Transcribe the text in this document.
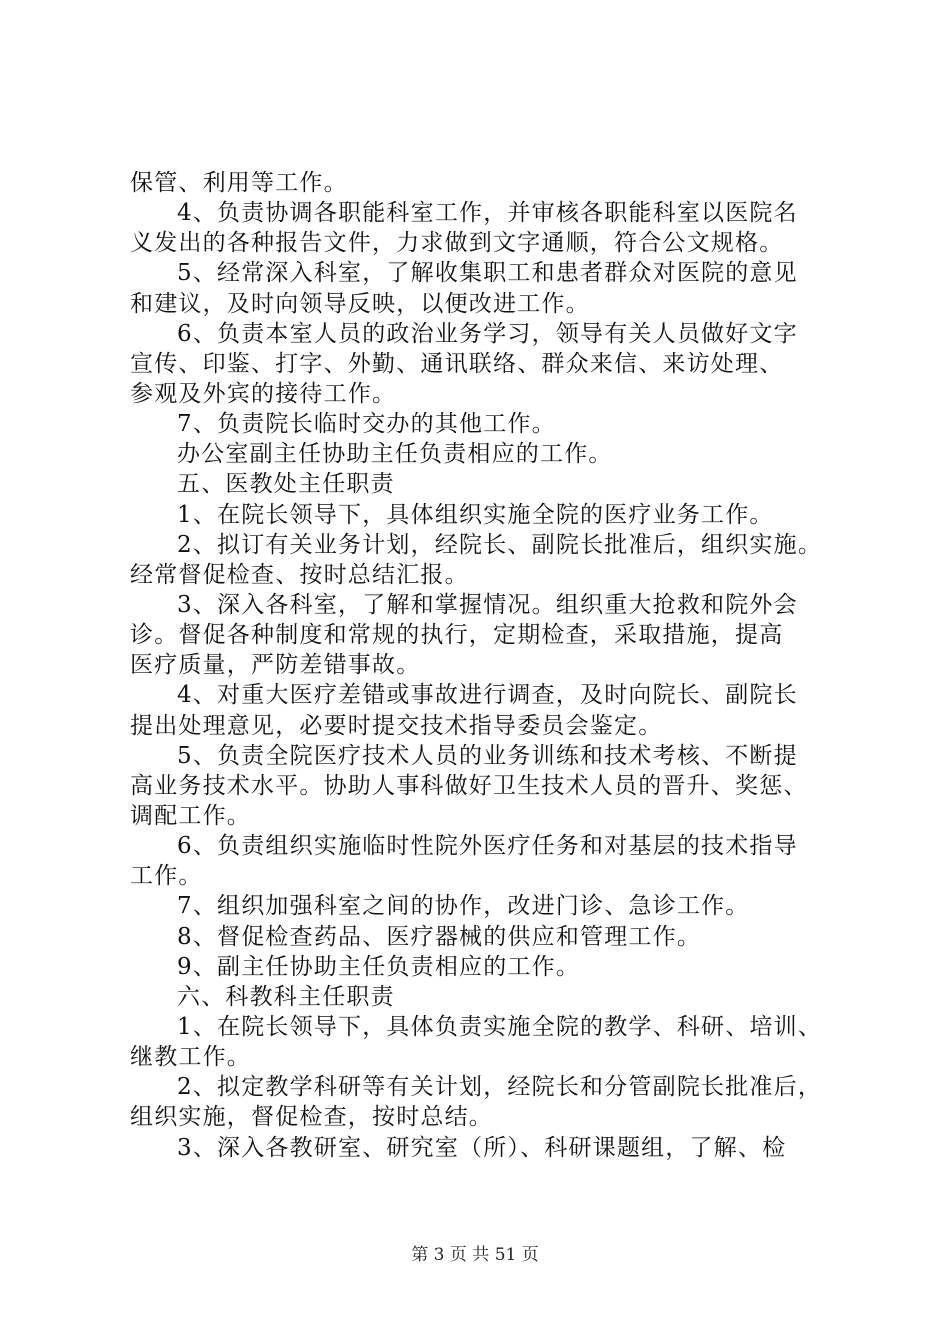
保管、利用等工作。
4、负责协调各职能科室工作，并审核各职能科室以医院名
义发出的各种报告文件，力求做到文字通顺，符合公文规格。
5、经常深入科室，了解收集职工和患者群众对医院的意见
和建议，及时向领导反映，以便改进工作。
6、负责本室人员的政治业务学习，领导有关人员做好文字
宣传、印鉴、打字、外勤、通讯联络、群众来信、来访处理、
参观及外宾的接待工作。
7、负责院长临时交办的其他工作。
办公室副主任协助主任负责相应的工作。
五、医教处主任职责
1、在院长领导下，具体组织实施全院的医疗业务工作。
2、拟订有关业务计划，经院长、副院长批准后，组织实施。
经常督促检查、按时总结汇报。
3、深入各科室，了解和掌握情况。组织重大抢救和院外会
诊。督促各种制度和常规的执行，定期检查，采取措施，提高
医疗质量，严防差错事故。
4、对重大医疗差错或事故进行调查，及时向院长、副院长
提出处理意见，必要时提交技术指导委员会鉴定。
5、负责全院医疗技术人员的业务训练和技术考核、不断提
高业务技术水平。协助人事科做好卫生技术人员的晋升、奖惩、
调配工作。
6、负责组织实施临时性院外医疗任务和对基层的技术指导
工作。
7、组织加强科室之间的协作，改进门诊、急诊工作。
8、督促检查药品、医疗器械的供应和管理工作。
9、副主任协助主任负责相应的工作。
六、科教科主任职责
1、在院长领导下，具体负责实施全院的教学、科研、培训、
继教工作。
2、拟定教学科研等有关计划，经院长和分管副院长批准后，
组织实施，督促检查，按时总结。
3、深入各教研室、研究室（所）、科研课题组，了解、检
第 3 页 共 51 页
